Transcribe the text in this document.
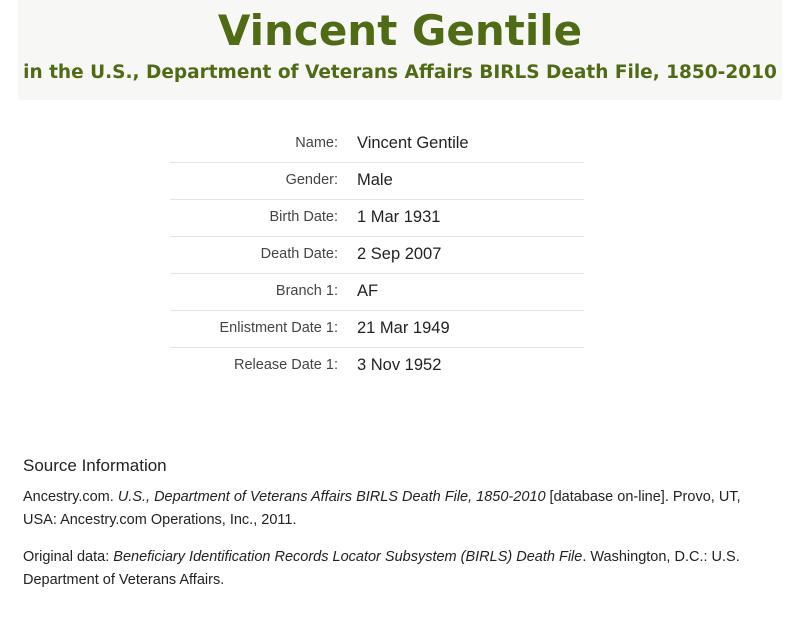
Vincent Gentile
in the U.S., Department of Veterans Affairs BIRLS Death File, 1850-2010
Name: Vincent Gentile
Gender: Male
Birth Date: 1 Mar 1931
Death Date: 2 Sep 2007
Branch 1: AF
Enlistment Date 1: 21 Mar 1949
Release Date 1: 3 Nov 1952
Source Information
Ancestry.com. U.S., Department of Veterans Affairs BIRLS Death File, 1850-2010 [database on-line]. Provo, UT, USA: Ancestry.com Operations, Inc., 2011.
Original data: Beneficiary Identification Records Locator Subsystem (BIRLS) Death File. Washington, D.C.: U.S. Department of Veterans Affairs.
